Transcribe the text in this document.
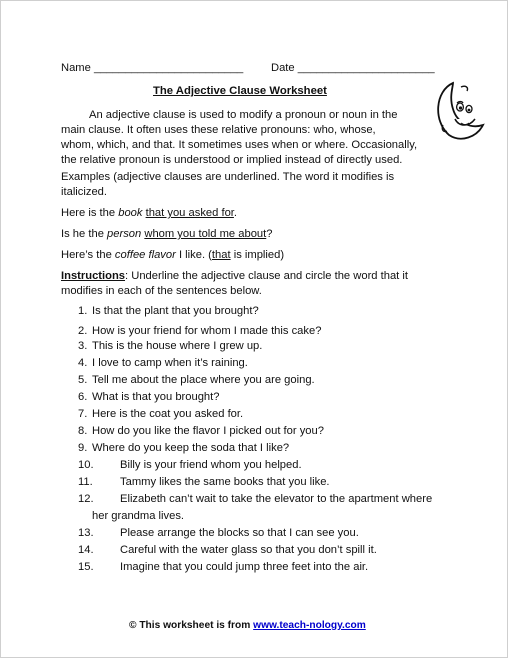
Name ________________________ Date ______________________
The Adjective Clause Worksheet
An adjective clause is used to modify a pronoun or noun in the
main clause. It often uses these relative pronouns: who, whose,
whom, which, and that. It sometimes uses when or where. Occasionally,
the relative pronoun is understood or implied instead of directly used.
Examples (adjective clauses are underlined. The word it modifies is
italicized.
Here is the book that you asked for.
Is he the person whom you told me about?
Here’s the coffee flavor I like. (that is implied)
Instructions: Underline the adjective clause and circle the word that it
modifies in each of the sentences below.
1. Is that the plant that you brought?
2. How is your friend for whom I made this cake?
3. This is the house where I grew up.
4. I love to camp when it’s raining.
5. Tell me about the place where you are going.
6. What is that you brought?
7. Here is the coat you asked for.
8. How do you like the flavor I picked out for you?
9. Where do you keep the soda that I like?
10. Billy is your friend whom you helped.
11. Tammy likes the same books that you like.
12. Elizabeth can’t wait to take the elevator to the apartment where
her grandma lives.
13. Please arrange the blocks so that I can see you.
14. Careful with the water glass so that you don’t spill it.
15. Imagine that you could jump three feet into the air.
© This worksheet is from www.teach-nology.com
